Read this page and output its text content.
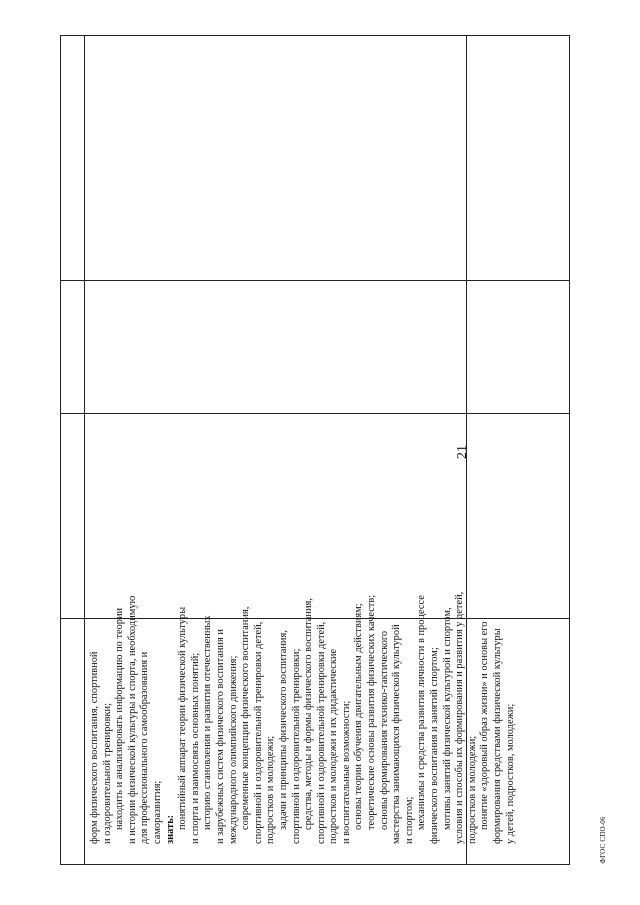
21
форм физического воспитания, спортивной и оздоровительной тренировки; находить и анализировать информацию по теории и истории физической культуры и спорта, необходимую для профессионального самообразования и саморазвития; знать: понятийный аппарат теории физической культуры и спорта и взаимосвязь основных понятий; историю становления и развития отечественных и зарубежных систем физического воспитания и международного олимпийского движения; современные концепции физического воспитания, спортивной и оздоровительной тренировки детей, подростков и молодежи; задачи и принципы физического воспитания, спортивной и оздоровительной тренировки; средства, методы и формы физического воспитания, спортивной и оздоровительной тренировки детей, подростков и молодежи и их дидактические и воспитательные возможности; основы теории обучения двигательным действиям; теоретические основы развития физических качеств; основы формирования технико-тактического мастерства занимающихся физической культурой и спортом; механизмы и средства развития личности в процессе физического воспитания и занятий спортом; мотивы занятий физической культурой и спортом, условия и способы их формирования и развития у детей, подростков и молодежи; понятие «здоровый образ жизни» и основы его формирования средствами физической культуры у детей, подростков, молодежи;	ФГОС СПО-06
